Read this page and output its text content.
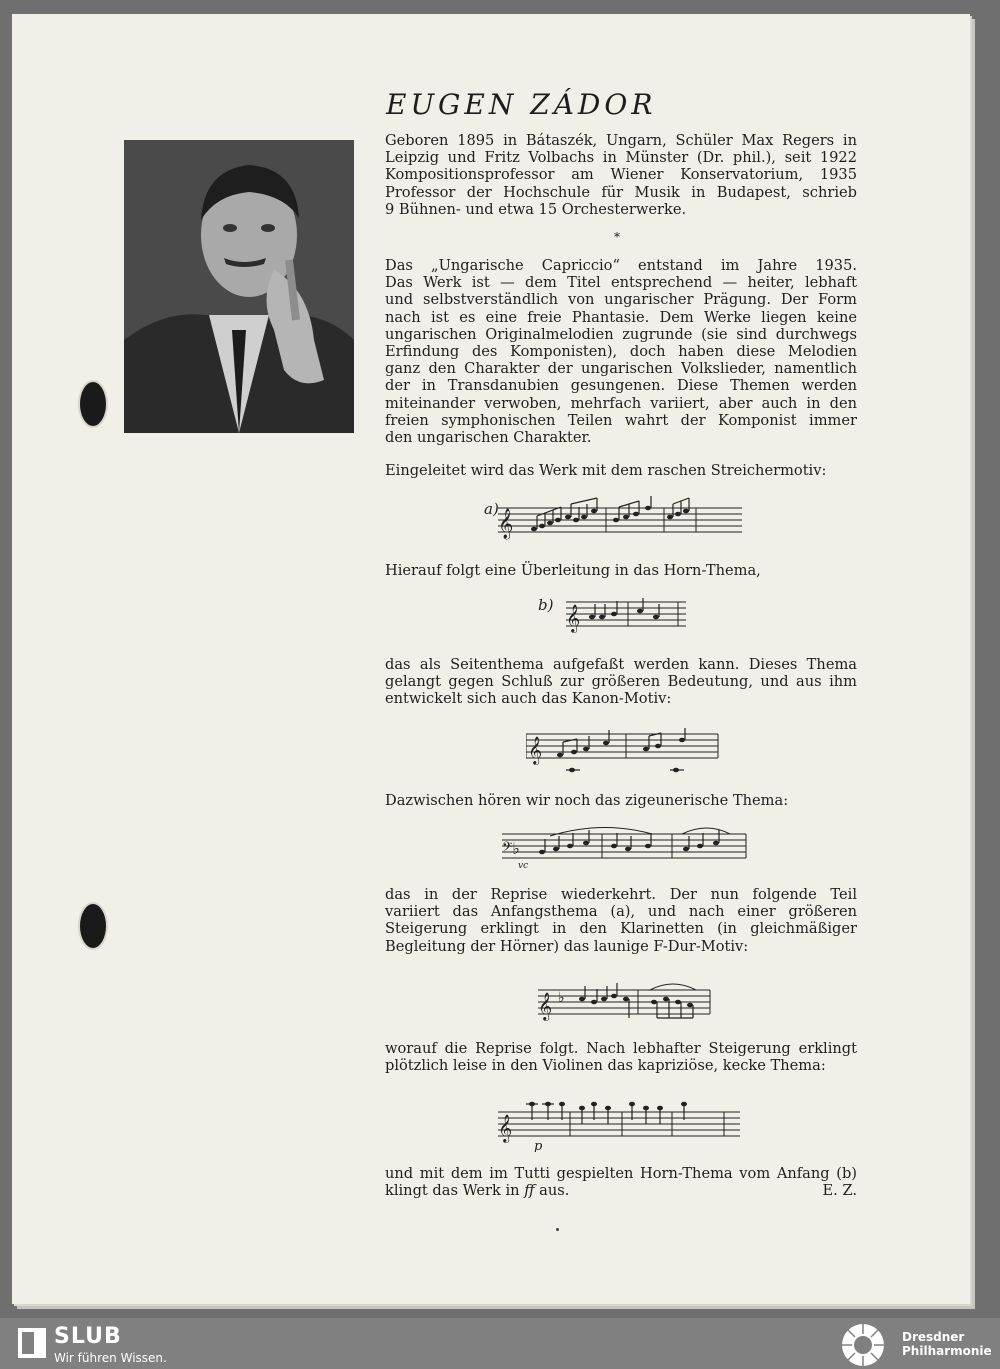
EUGEN ZÁDOR

Geboren 1895 in Bátaszék, Ungarn, Schüler Max Regers in
Leipzig und Fritz Volbachs in Münster (Dr. phil.), seit 1922
Kompositionsprofessor am Wiener Konservatorium, 1935
Professor der Hochschule für Musik in Budapest, schrieb
9 Bühnen- und etwa 15 Orchesterwerke.

*

Das „Ungarische Capriccio“ entstand im Jahre 1935.
Das Werk ist — dem Titel entsprechend — heiter, lebhaft
und selbstverständlich von ungarischer Prägung. Der Form
nach ist es eine freie Phantasie. Dem Werke liegen keine
ungarischen Originalmelodien zugrunde (sie sind durchwegs
Erfindung des Komponisten), doch haben diese Melodien
ganz den Charakter der ungarischen Volkslieder, namentlich
der in Transdanubien gesungenen. Diese Themen werden
miteinander verwoben, mehrfach variiert, aber auch in den
freien symphonischen Teilen wahrt der Komponist immer
den ungarischen Charakter.

Eingeleitet wird das Werk mit dem raschen Streichermotiv:

a) 𝄞

Hierauf folgt eine Überleitung in das Horn-Thema,

b) 𝄞

das als Seitenthema aufgefaßt werden kann. Dieses Thema
gelangt gegen Schluß zur größeren Bedeutung, und aus ihm
entwickelt sich auch das Kanon-Motiv:

𝄞

Dazwischen hören wir noch das zigeunerische Thema:

𝄢♭
vc

das in der Reprise wiederkehrt. Der nun folgende Teil
variiert das Anfangsthema (a), und nach einer größeren
Steigerung erklingt in den Klarinetten (in gleichmäßiger
Begleitung der Hörner) das launige F-Dur-Motiv:

𝄞 ♭

worauf die Reprise folgt. Nach lebhafter Steigerung erklingt
plötzlich leise in den Violinen das kapriziöse, kecke Thema:

𝄞
p

und mit dem im Tutti gespielten Horn-Thema vom Anfang (b)
klingt das Werk in ff aus.	E. Z.

SLUB
Wir führen Wissen.
Dresdner
Philharmonie
